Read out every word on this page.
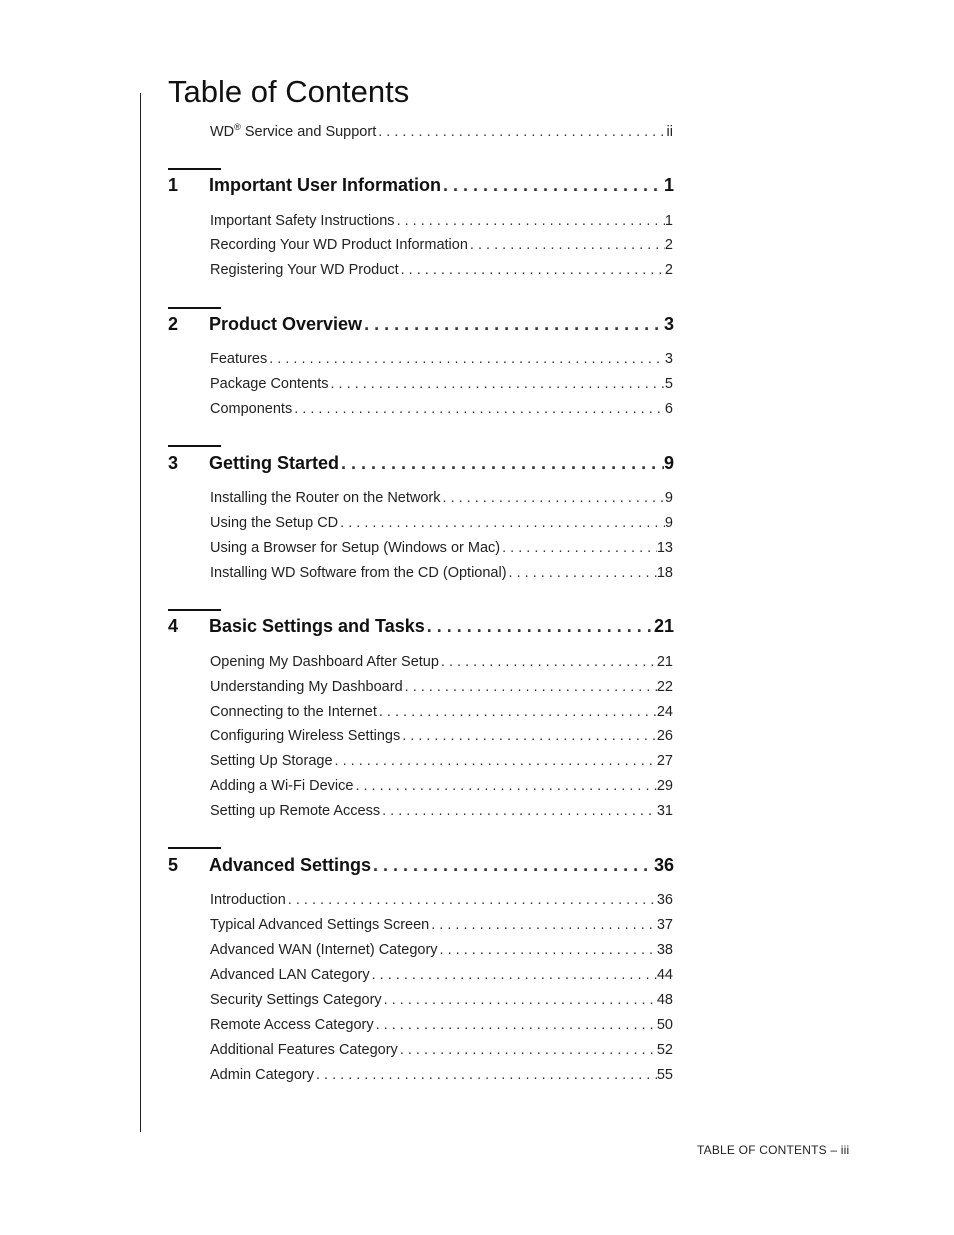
Table of Contents
WD® Service and Support . . .	ii
1	Important User Information . . .	1
Important Safety Instructions . . .	1
Recording Your WD Product Information . . .	2
Registering Your WD Product . . .	2
2	Product Overview . . .	3
Features . . .	3
Package Contents . . .	5
Components . . .	6
3	Getting Started . . .	9
Installing the Router on the Network . . .	9
Using the Setup CD . . .	9
Using a Browser for Setup (Windows or Mac) . . .	13
Installing WD Software from the CD (Optional) . . .	18
4	Basic Settings and Tasks . . .	21
Opening My Dashboard After Setup . . .	21
Understanding My Dashboard . . .	22
Connecting to the Internet . . .	24
Configuring Wireless Settings . . .	26
Setting Up Storage . . .	27
Adding a Wi-Fi Device . . .	29
Setting up Remote Access . . .	31
5	Advanced Settings . . .	36
Introduction . . .	36
Typical Advanced Settings Screen . . .	37
Advanced WAN (Internet) Category . . .	38
Advanced LAN Category . . .	44
Security Settings Category . . .	48
Remote Access Category . . .	50
Additional Features Category . . .	52
Admin Category . . .	55
TABLE OF CONTENTS – iii
